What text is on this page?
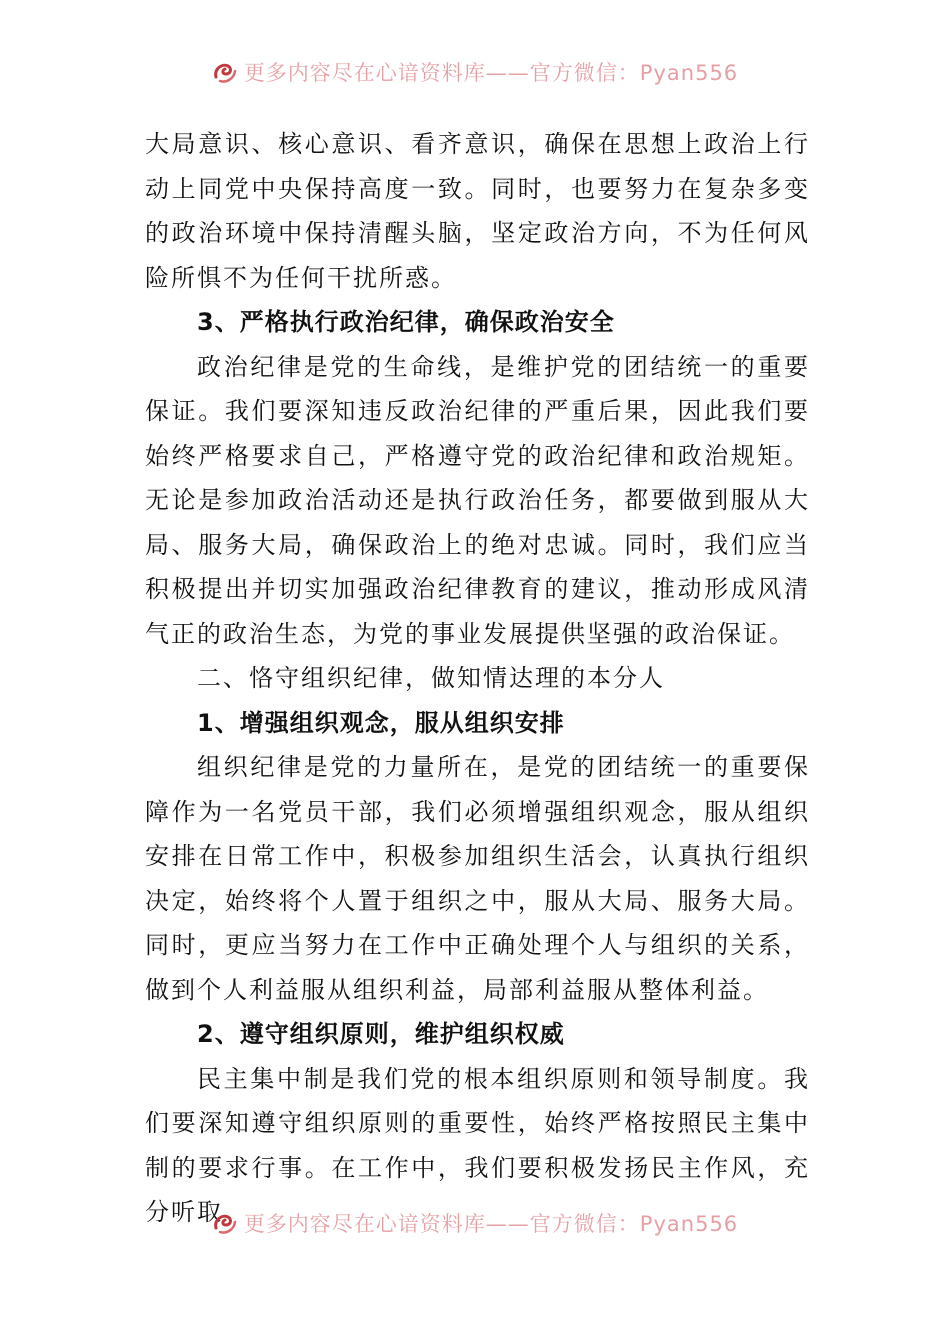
更多内容尽在心谙资料库——官方微信：Pyan556

大局意识、核心意识、看齐意识，确保在思想上政治上行动上同党中央保持高度一致。同时，也要努力在复杂多变的政治环境中保持清醒头脑，坚定政治方向，不为任何风险所惧不为任何干扰所惑。

3、严格执行政治纪律，确保政治安全

政治纪律是党的生命线，是维护党的团结统一的重要保证。我们要深知违反政治纪律的严重后果，因此我们要始终严格要求自己，严格遵守党的政治纪律和政治规矩。无论是参加政治活动还是执行政治任务，都要做到服从大局、服务大局，确保政治上的绝对忠诚。同时，我们应当积极提出并切实加强政治纪律教育的建议，推动形成风清气正的政治生态，为党的事业发展提供坚强的政治保证。

二、恪守组织纪律，做知情达理的本分人

1、增强组织观念，服从组织安排

组织纪律是党的力量所在，是党的团结统一的重要保障作为一名党员干部，我们必须增强组织观念，服从组织安排在日常工作中，积极参加组织生活会，认真执行组织决定，始终将个人置于组织之中，服从大局、服务大局。同时，更应当努力在工作中正确处理个人与组织的关系，做到个人利益服从组织利益，局部利益服从整体利益。

2、遵守组织原则，维护组织权威

民主集中制是我们党的根本组织原则和领导制度。我们要深知遵守组织原则的重要性，始终严格按照民主集中制的要求行事。在工作中，我们要积极发扬民主作风，充分听取 更多内容尽在心谙资料库——官方微信：Pyan556
